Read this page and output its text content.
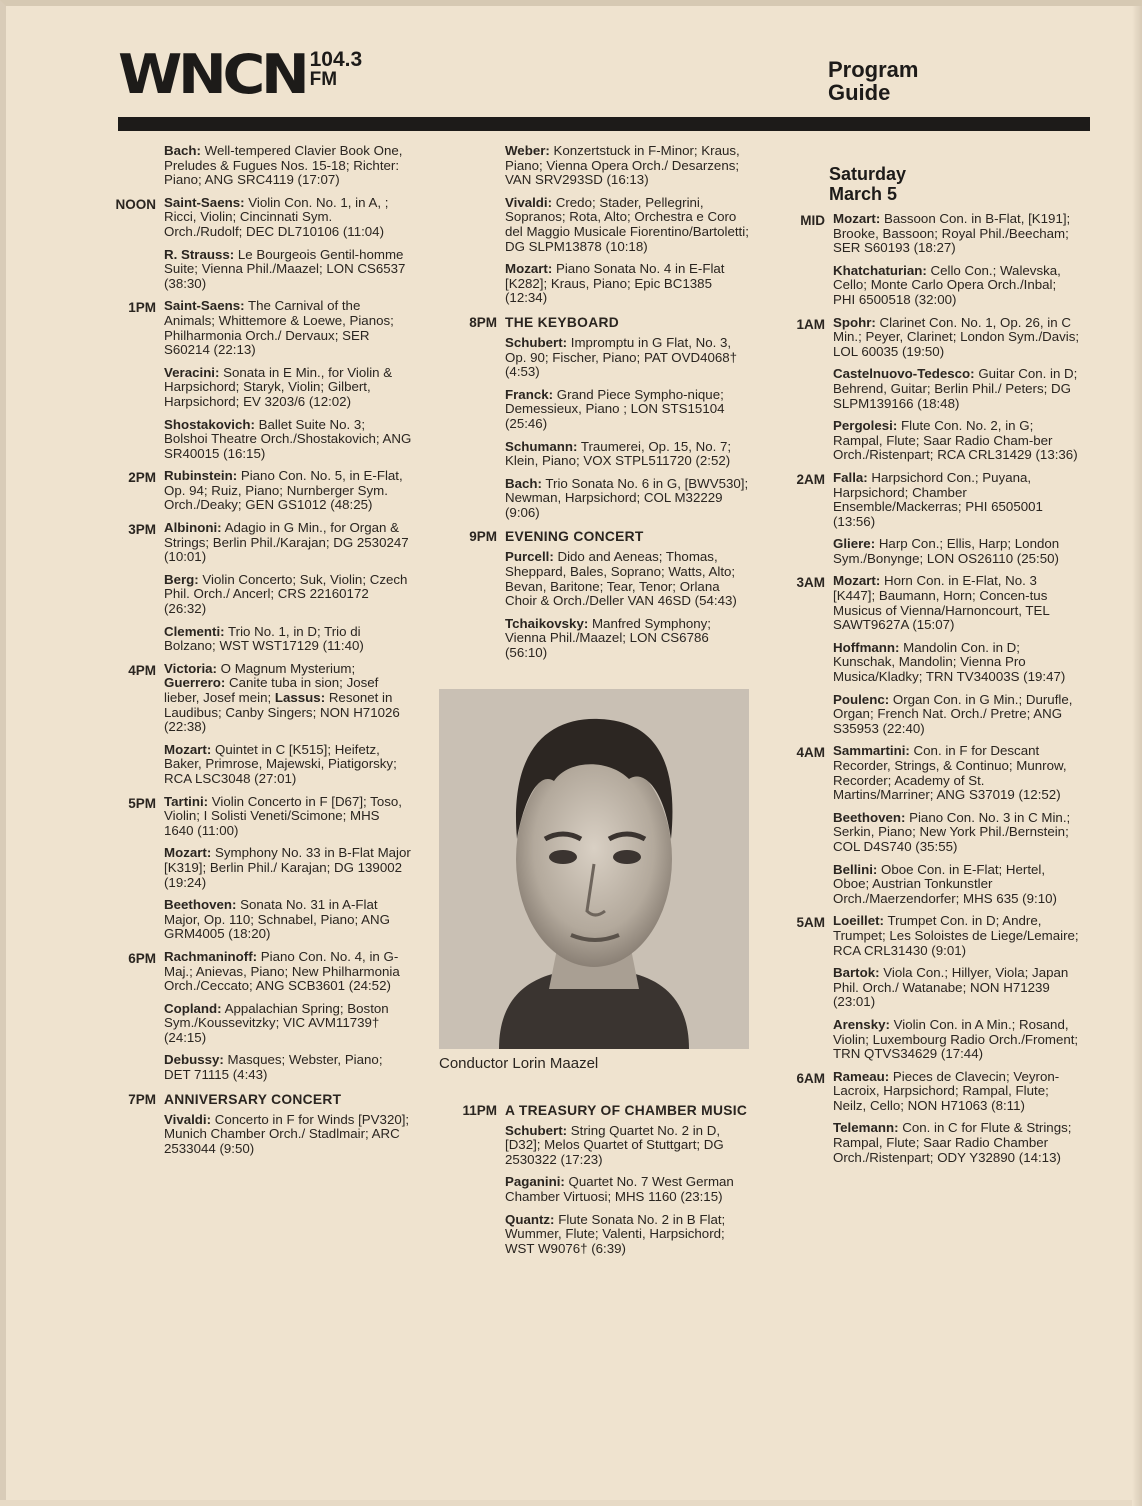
WNCN 104.3
FM	Program
Guide
Bach: Well-tempered Clavier Book One, Preludes & Fugues Nos. 15-18; Richter: Piano; ANG SRC4119 (17:07)
NOON Saint-Saens: Violin Con. No. 1, in A, ; Ricci, Violin; Cincinnati Sym. Orch./Rudolf; DEC DL710106 (11:04)
R. Strauss: Le Bourgeois Gentil-homme Suite; Vienna Phil./Maazel; LON CS6537 (38:30)
1PM Saint-Saens: The Carnival of the Animals; Whittemore & Loewe, Pianos; Philharmonia Orch./ Dervaux; SER S60214 (22:13)
Veracini: Sonata in E Min., for Violin & Harpsichord; Staryk, Violin; Gilbert, Harpsichord; EV 3203/6 (12:02)
Shostakovich: Ballet Suite No. 3; Bolshoi Theatre Orch./Shostakovich; ANG SR40015 (16:15)
2PM Rubinstein: Piano Con. No. 5, in E-Flat, Op. 94; Ruiz, Piano; Nurnberger Sym. Orch./Deaky; GEN GS1012 (48:25)
3PM Albinoni: Adagio in G Min., for Organ & Strings; Berlin Phil./Karajan; DG 2530247 (10:01)
Berg: Violin Concerto; Suk, Violin; Czech Phil. Orch./ Ancerl; CRS 22160172 (26:32)
Clementi: Trio No. 1, in D; Trio di Bolzano; WST WST17129 (11:40)
4PM Victoria: O Magnum Mysterium; Guerrero: Canite tuba in sion; Josef lieber, Josef mein; Lassus: Resonet in Laudibus; Canby Singers; NON H71026 (22:38)
Mozart: Quintet in C [K515]; Heifetz, Baker, Primrose, Majewski, Piatigorsky; RCA LSC3048 (27:01)
5PM Tartini: Violin Concerto in F [D67]; Toso, Violin; I Solisti Veneti/Scimone; MHS 1640 (11:00)
Mozart: Symphony No. 33 in B-Flat Major [K319]; Berlin Phil./ Karajan; DG 139002 (19:24)
Beethoven: Sonata No. 31 in A-Flat Major, Op. 110; Schnabel, Piano; ANG GRM4005 (18:20)
6PM Rachmaninoff: Piano Con. No. 4, in G-Maj.; Anievas, Piano; New Philharmonia Orch./Ceccato; ANG SCB3601 (24:52)
Copland: Appalachian Spring; Boston Sym./Koussevitzky; VIC AVM11739† (24:15)
Debussy: Masques; Webster, Piano; DET 71115 (4:43)
7PM ANNIVERSARY CONCERT
Vivaldi: Concerto in F for Winds [PV320]; Munich Chamber Orch./ Stadlmair; ARC 2533044 (9:50)
Weber: Konzertstuck in F-Minor; Kraus, Piano; Vienna Opera Orch./ Desarzens; VAN SRV293SD (16:13)
Vivaldi: Credo; Stader, Pellegrini, Sopranos; Rota, Alto; Orchestra e Coro del Maggio Musicale Fiorentino/Bartoletti; DG SLPM13878 (10:18)
Mozart: Piano Sonata No. 4 in E-Flat [K282]; Kraus, Piano; Epic BC1385 (12:34)
8PM THE KEYBOARD
Schubert: Impromptu in G Flat, No. 3, Op. 90; Fischer, Piano; PAT OVD4068† (4:53)
Franck: Grand Piece Sympho-nique; Demessieux, Piano ; LON STS15104 (25:46)
Schumann: Traumerei, Op. 15, No. 7; Klein, Piano; VOX STPL511720 (2:52)
Bach: Trio Sonata No. 6 in G, [BWV530]; Newman, Harpsichord; COL M32229 (9:06)
9PM EVENING CONCERT
Purcell: Dido and Aeneas; Thomas, Sheppard, Bales, Soprano; Watts, Alto; Bevan, Baritone; Tear, Tenor; Orlana Choir & Orch./Deller VAN 46SD (54:43)
Tchaikovsky: Manfred Symphony; Vienna Phil./Maazel; LON CS6786 (56:10)
Conductor Lorin Maazel
11PM A TREASURY OF CHAMBER MUSIC
Schubert: String Quartet No. 2 in D, [D32]; Melos Quartet of Stuttgart; DG 2530322 (17:23)
Paganini: Quartet No. 7 West German Chamber Virtuosi; MHS 1160 (23:15)
Quantz: Flute Sonata No. 2 in B Flat; Wummer, Flute; Valenti, Harpsichord; WST W9076† (6:39)
Saturday
March 5
MID Mozart: Bassoon Con. in B-Flat, [K191]; Brooke, Bassoon; Royal Phil./Beecham; SER S60193 (18:27)
Khatchaturian: Cello Con.; Walevska, Cello; Monte Carlo Opera Orch./Inbal; PHI 6500518 (32:00)
1AM Spohr: Clarinet Con. No. 1, Op. 26, in C Min.; Peyer, Clarinet; London Sym./Davis; LOL 60035 (19:50)
Castelnuovo-Tedesco: Guitar Con. in D; Behrend, Guitar; Berlin Phil./ Peters; DG SLPM139166 (18:48)
Pergolesi: Flute Con. No. 2, in G; Rampal, Flute; Saar Radio Cham-ber Orch./Ristenpart; RCA CRL31429 (13:36)
2AM Falla: Harpsichord Con.; Puyana, Harpsichord; Chamber Ensemble/Mackerras; PHI 6505001 (13:56)
Gliere: Harp Con.; Ellis, Harp; London Sym./Bonynge; LON OS26110 (25:50)
3AM Mozart: Horn Con. in E-Flat, No. 3 [K447]; Baumann, Horn; Concen-tus Musicus of Vienna/Harnoncourt, TEL SAWT9627A (15:07)
Hoffmann: Mandolin Con. in D; Kunschak, Mandolin; Vienna Pro Musica/Kladky; TRN TV34003S (19:47)
Poulenc: Organ Con. in G Min.; Durufle, Organ; French Nat. Orch./ Pretre; ANG S35953 (22:40)
4AM Sammartini: Con. in F for Descant Recorder, Strings, & Continuo; Munrow, Recorder; Academy of St. Martins/Marriner; ANG S37019 (12:52)
Beethoven: Piano Con. No. 3 in C Min.; Serkin, Piano; New York Phil./Bernstein; COL D4S740 (35:55)
Bellini: Oboe Con. in E-Flat; Hertel, Oboe; Austrian Tonkunstler Orch./Maerzendorfer; MHS 635 (9:10)
5AM Loeillet: Trumpet Con. in D; Andre, Trumpet; Les Soloistes de Liege/Lemaire; RCA CRL31430 (9:01)
Bartok: Viola Con.; Hillyer, Viola; Japan Phil. Orch./ Watanabe; NON H71239 (23:01)
Arensky: Violin Con. in A Min.; Rosand, Violin; Luxembourg Radio Orch./Froment; TRN QTVS34629 (17:44)
6AM Rameau: Pieces de Clavecin; Veyron-Lacroix, Harpsichord; Rampal, Flute; Neilz, Cello; NON H71063 (8:11)
Telemann: Con. in C for Flute & Strings; Rampal, Flute; Saar Radio Chamber Orch./Ristenpart; ODY Y32890 (14:13)
